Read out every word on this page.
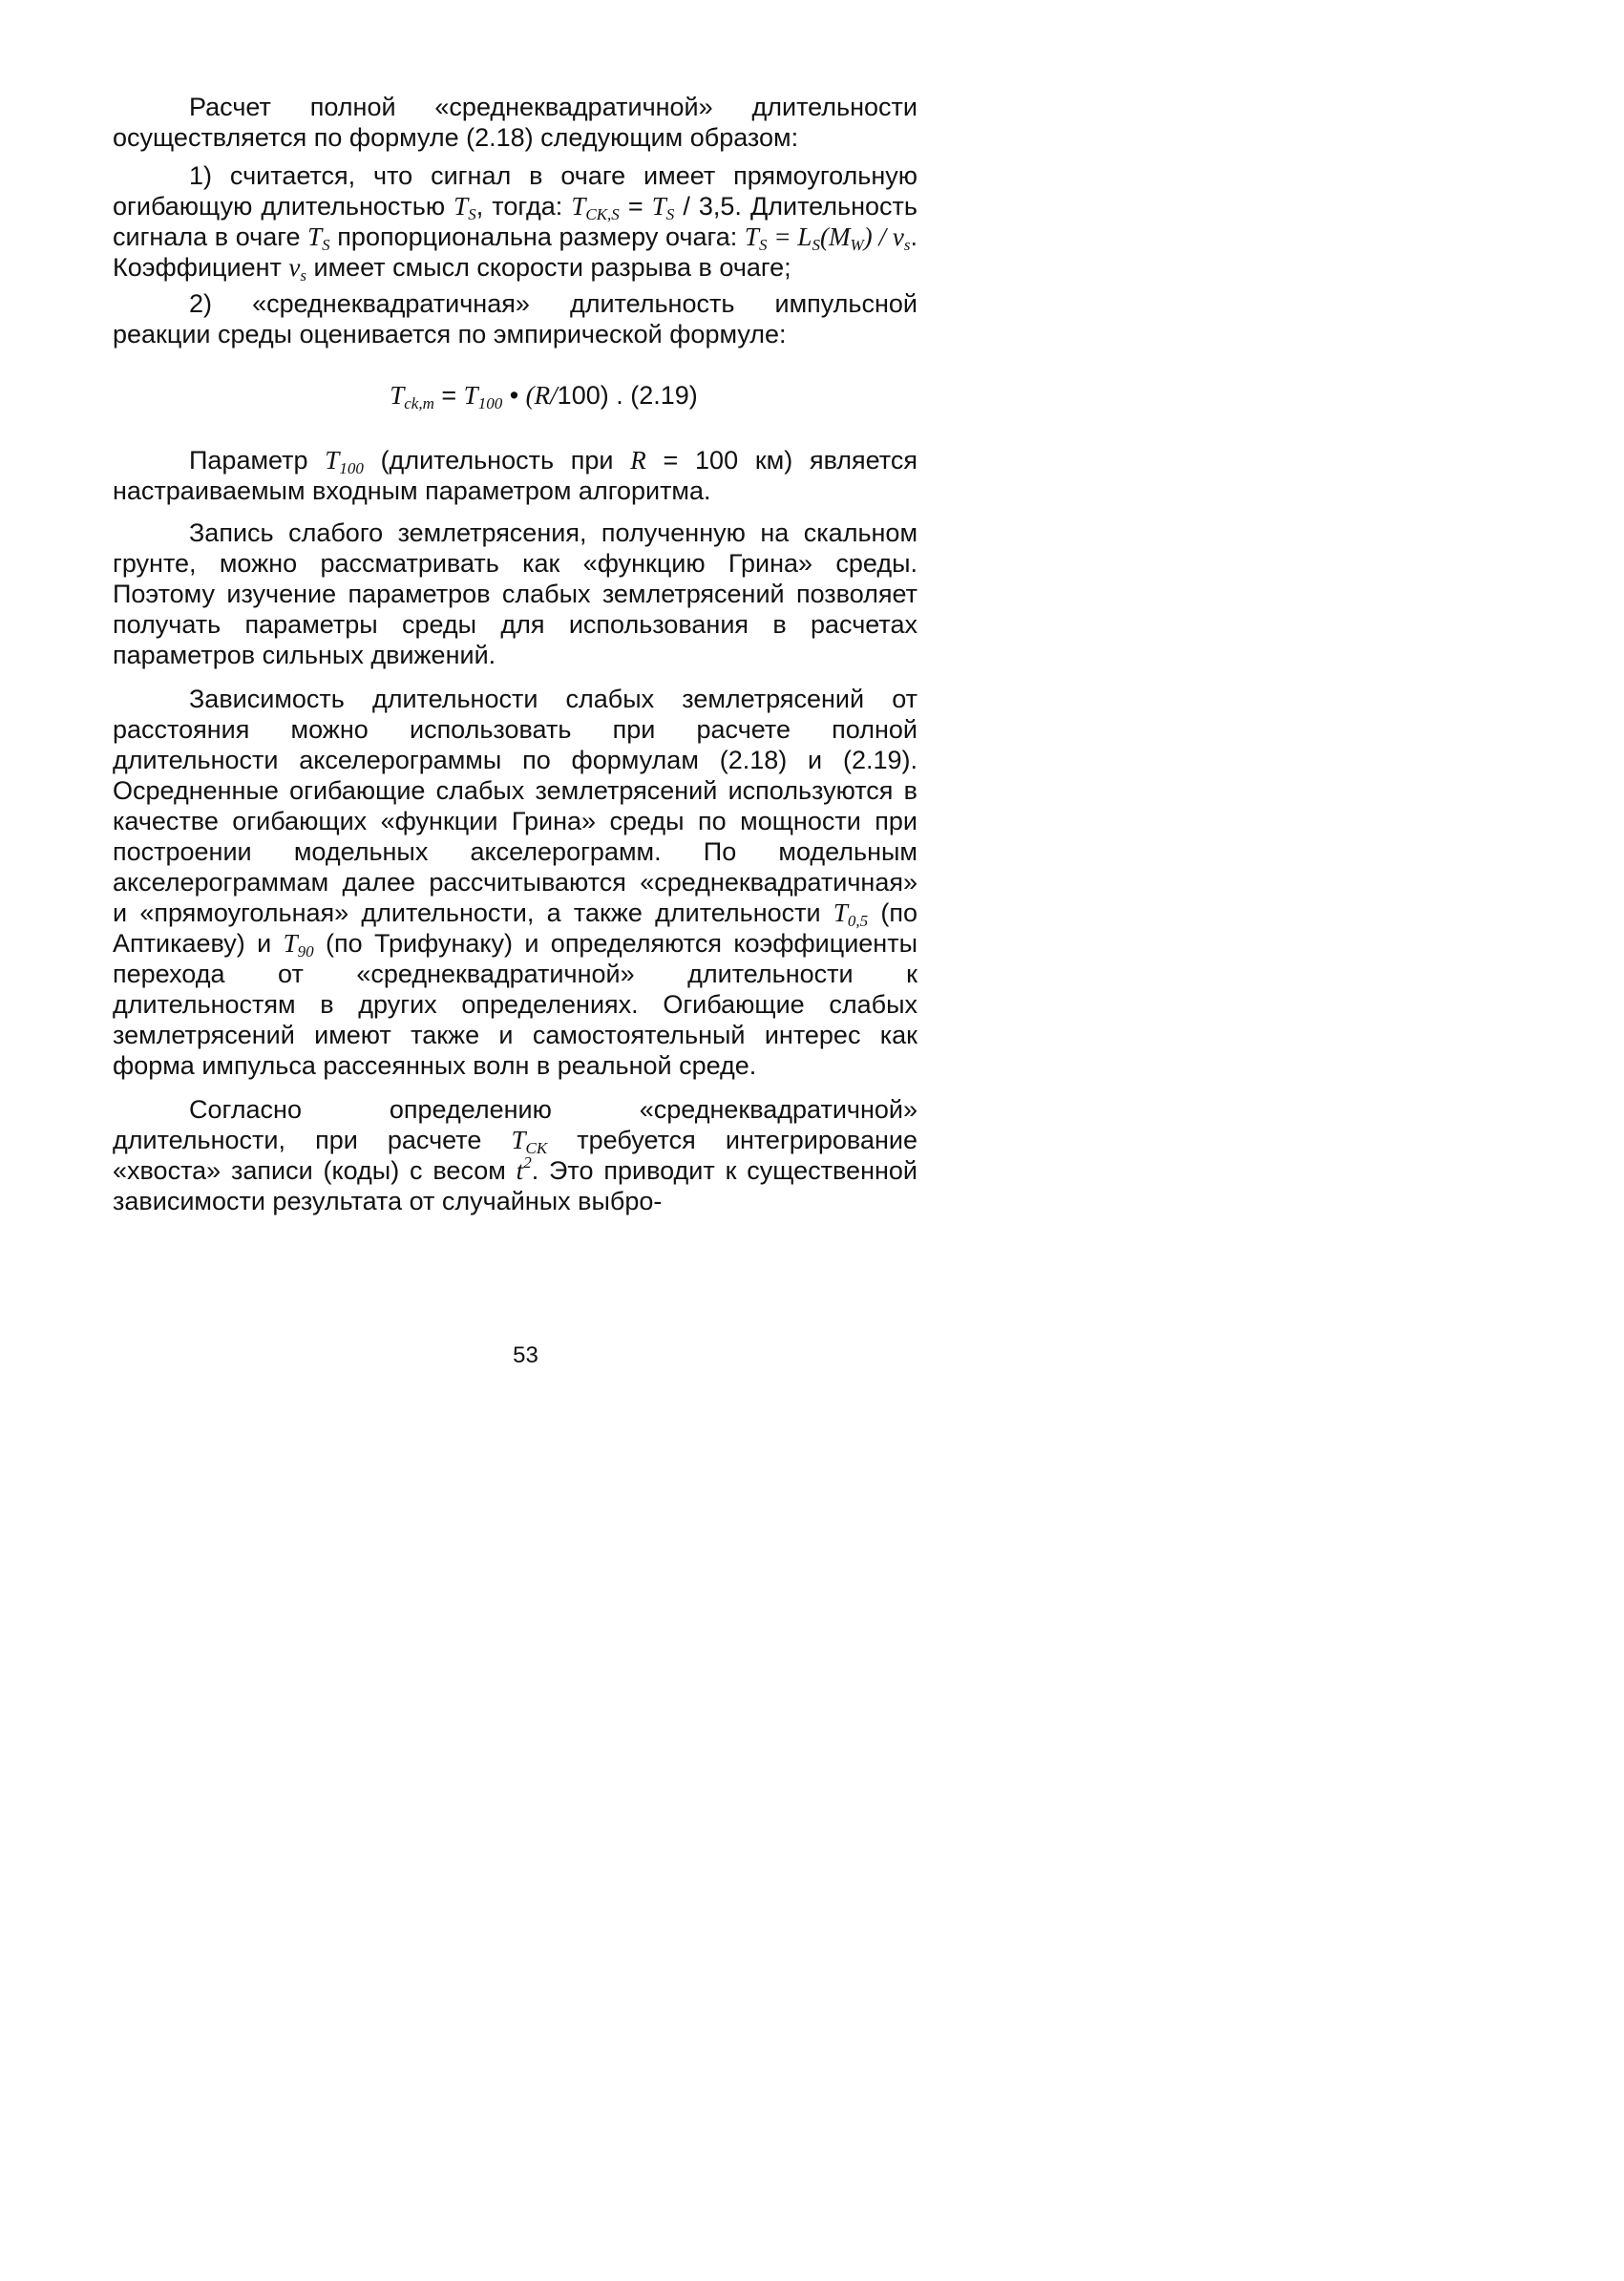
Расчет полной «среднеквадратичной» длительности осуществляется по формуле (2.18) следующим образом:

1) считается, что сигнал в очаге имеет прямоугольную огибающую длительностью $T_S$, тогда: $T_{CK,S} = T_S / 3,5$. Длительность сигнала в очаге $T_S$ пропорциональна размеру очага: $T_S = L_S(M_W) / v_s$. Коэффициент $v_s$ имеет смысл скорости разрыва в очаге;

2) «среднеквадратичная» длительность импульсной реакции среды оценивается по эмпирической формуле:

$T_{ck,m} = T_{100}$ • (R/100) . (2.19)

Параметр $T_{100}$ (длительность при R = 100 км) является настраиваемым входным параметром алгоритма.

Запись слабого землетрясения, полученную на скальном грунте, можно рассматривать как «функцию Грина» среды. Поэтому изучение параметров слабых землетрясений позволяет получать параметры среды для использования в расчетах параметров сильных движений.

Зависимость длительности слабых землетрясений от расстояния можно использовать при расчете полной длительности акселерограммы по формулам (2.18) и (2.19). Осредненные огибающие слабых землетрясений используются в качестве огибающих «функции Грина» среды по мощности при построении модельных акселерограмм. По модельным акселерограммам далее рассчитываются «среднеквадратичная» и «прямоугольная» длительности, а также длительности $T_{0,5}$ (по Аптикаеву) и $T_{90}$ (по Трифунаку) и определяются коэффициенты перехода от «среднеквадратичной» длительности к длительностям в других определениях. Огибающие слабых землетрясений имеют также и самостоятельный интерес как форма импульса рассеянных волн в реальной среде.

Согласно определению «среднеквадратичной» длительности, при расчете $T_{CK}$ требуется интегрирование «хвоста» записи (коды) с весом $t^2$. Это приводит к существенной зависимости результата от случайных выбро-

53
